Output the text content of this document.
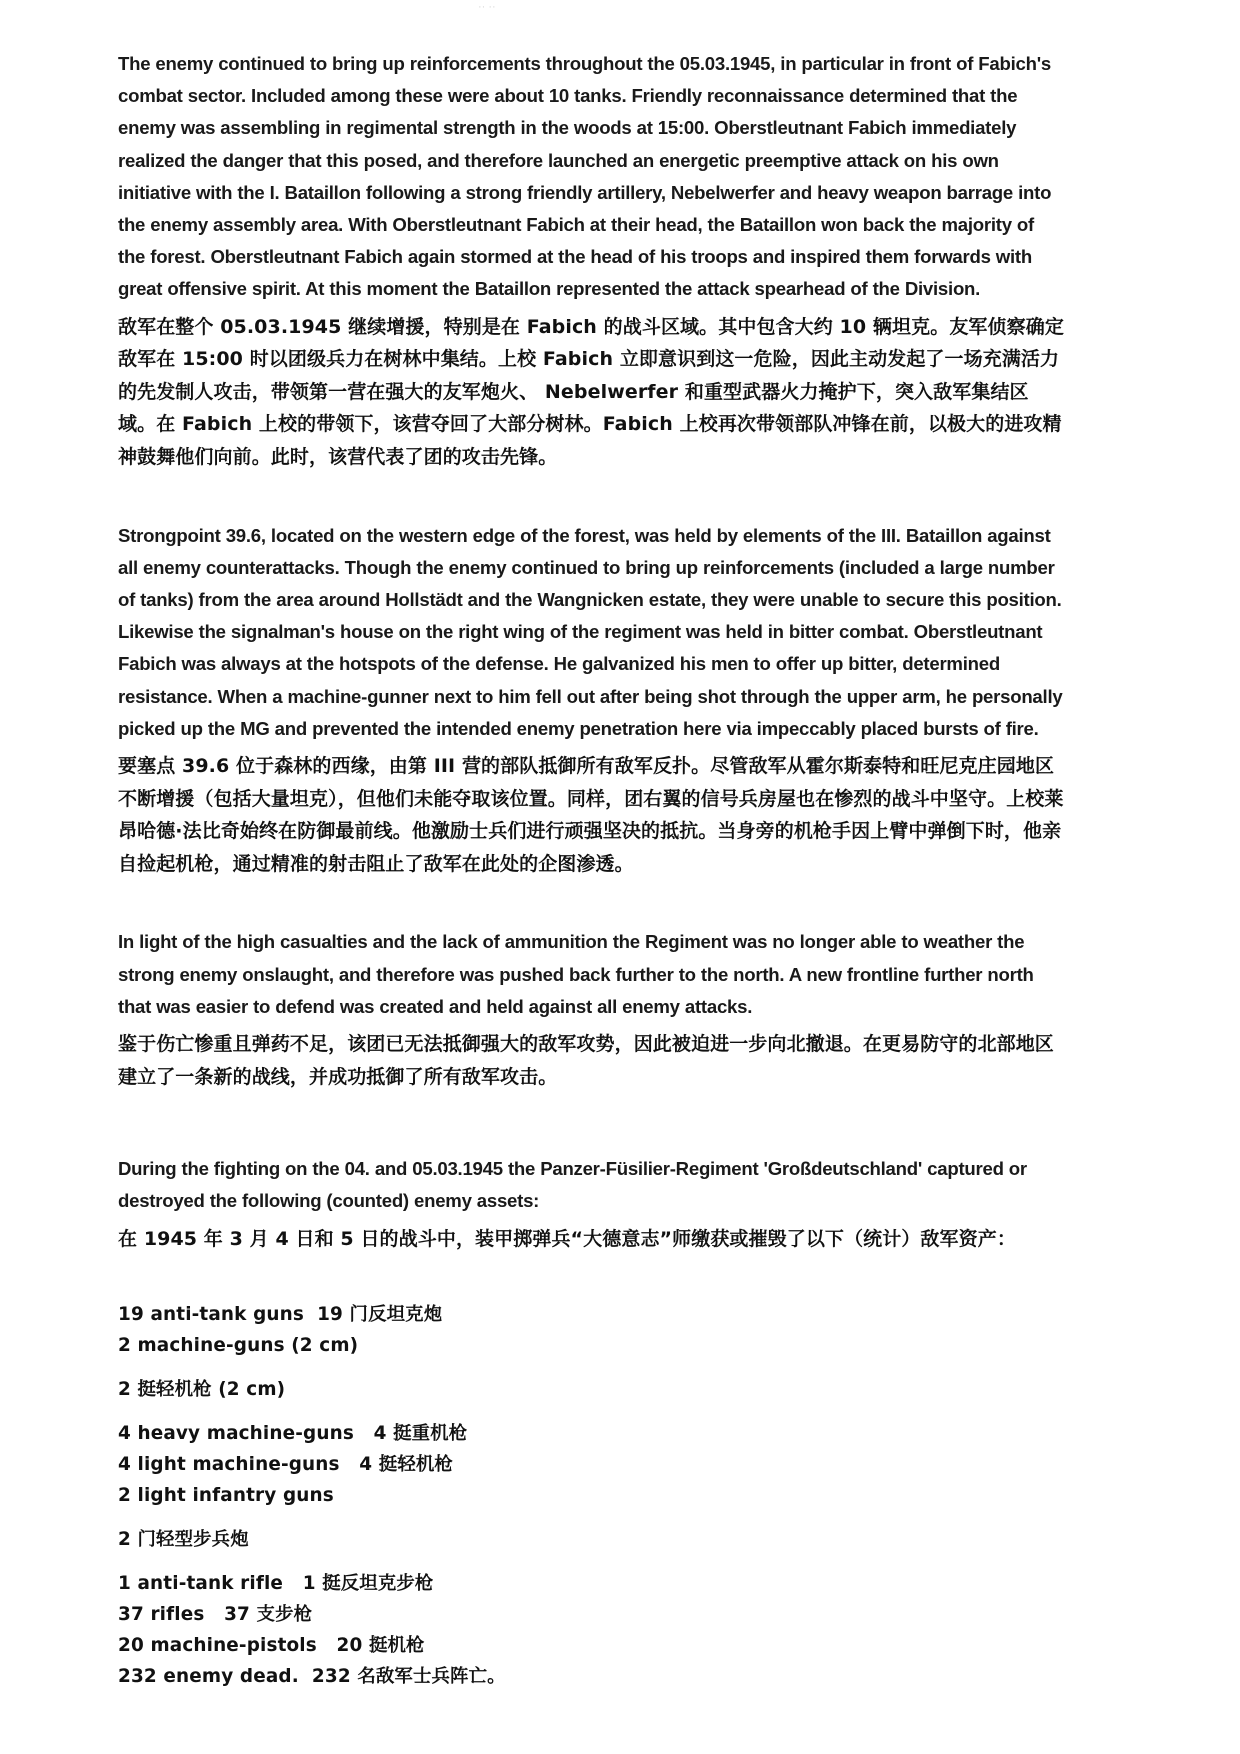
·· ··

The enemy continued to bring up reinforcements throughout the 05.03.1945, in particular in front of Fabich's combat sector. Included among these were about 10 tanks. Friendly reconnaissance determined that the enemy was assembling in regimental strength in the woods at 15:00. Oberstleutnant Fabich immediately realized the danger that this posed, and therefore launched an energetic preemptive attack on his own initiative with the I. Bataillon following a strong friendly artillery, Nebelwerfer and heavy weapon barrage into the enemy assembly area. With Oberstleutnant Fabich at their head, the Bataillon won back the majority of the forest. Oberstleutnant Fabich again stormed at the head of his troops and inspired them forwards with great offensive spirit. At this moment the Bataillon represented the attack spearhead of the Division.

敌军在整个 05.03.1945 继续增援，特别是在 Fabich 的战斗区域。其中包含大约 10 辆坦克。友军侦察确定敌军在 15:00 时以团级兵力在树林中集结。上校 Fabich 立即意识到这一危险，因此主动发起了一场充满活力的先发制人攻击，带领第一营在强大的友军炮火、 Nebelwerfer 和重型武器火力掩护下，突入敌军集结区域。在 Fabich 上校的带领下，该营夺回了大部分树林。Fabich 上校再次带领部队冲锋在前，以极大的进攻精神鼓舞他们向前。此时，该营代表了团的攻击先锋。

Strongpoint 39.6, located on the western edge of the forest, was held by elements of the III. Bataillon against all enemy counterattacks. Though the enemy continued to bring up reinforcements (included a large number of tanks) from the area around Hollstädt and the Wangnicken estate, they were unable to secure this position. Likewise the signalman's house on the right wing of the regiment was held in bitter combat. Oberstleutnant Fabich was always at the hotspots of the defense. He galvanized his men to offer up bitter, determined resistance. When a machine-gunner next to him fell out after being shot through the upper arm, he personally picked up the MG and prevented the intended enemy penetration here via impeccably placed bursts of fire.

要塞点 39.6 位于森林的西缘，由第 III 营的部队抵御所有敌军反扑。尽管敌军从霍尔斯泰特和旺尼克庄园地区不断增援（包括大量坦克），但他们未能夺取该位置。同样，团右翼的信号兵房屋也在惨烈的战斗中坚守。上校莱昂哈德·法比奇始终在防御最前线。他激励士兵们进行顽强坚决的抵抗。当身旁的机枪手因上臂中弹倒下时，他亲自捡起机枪，通过精准的射击阻止了敌军在此处的企图渗透。

In light of the high casualties and the lack of ammunition the Regiment was no longer able to weather the strong enemy onslaught, and therefore was pushed back further to the north. A new frontline further north that was easier to defend was created and held against all enemy attacks.

鉴于伤亡惨重且弹药不足，该团已无法抵御强大的敌军攻势，因此被迫进一步向北撤退。在更易防守的北部地区建立了一条新的战线，并成功抵御了所有敌军攻击。

During the fighting on the 04. and 05.03.1945 the Panzer-Füsilier-Regiment 'Großdeutschland' captured or destroyed the following (counted) enemy assets:

在 1945 年 3 月 4 日和 5 日的战斗中，装甲掷弹兵“大德意志”师缴获或摧毁了以下（统计）敌军资产：

19 anti-tank guns  19 门反坦克炮
2 machine-guns (2 cm)
2 挺轻机枪 (2 cm)
4 heavy machine-guns   4 挺重机枪
4 light machine-guns   4 挺轻机枪
2 light infantry guns
2 门轻型步兵炮
1 anti-tank rifle   1 挺反坦克步枪
37 rifles   37 支步枪
20 machine-pistols   20 挺机枪
232 enemy dead.  232 名敌军士兵阵亡。
